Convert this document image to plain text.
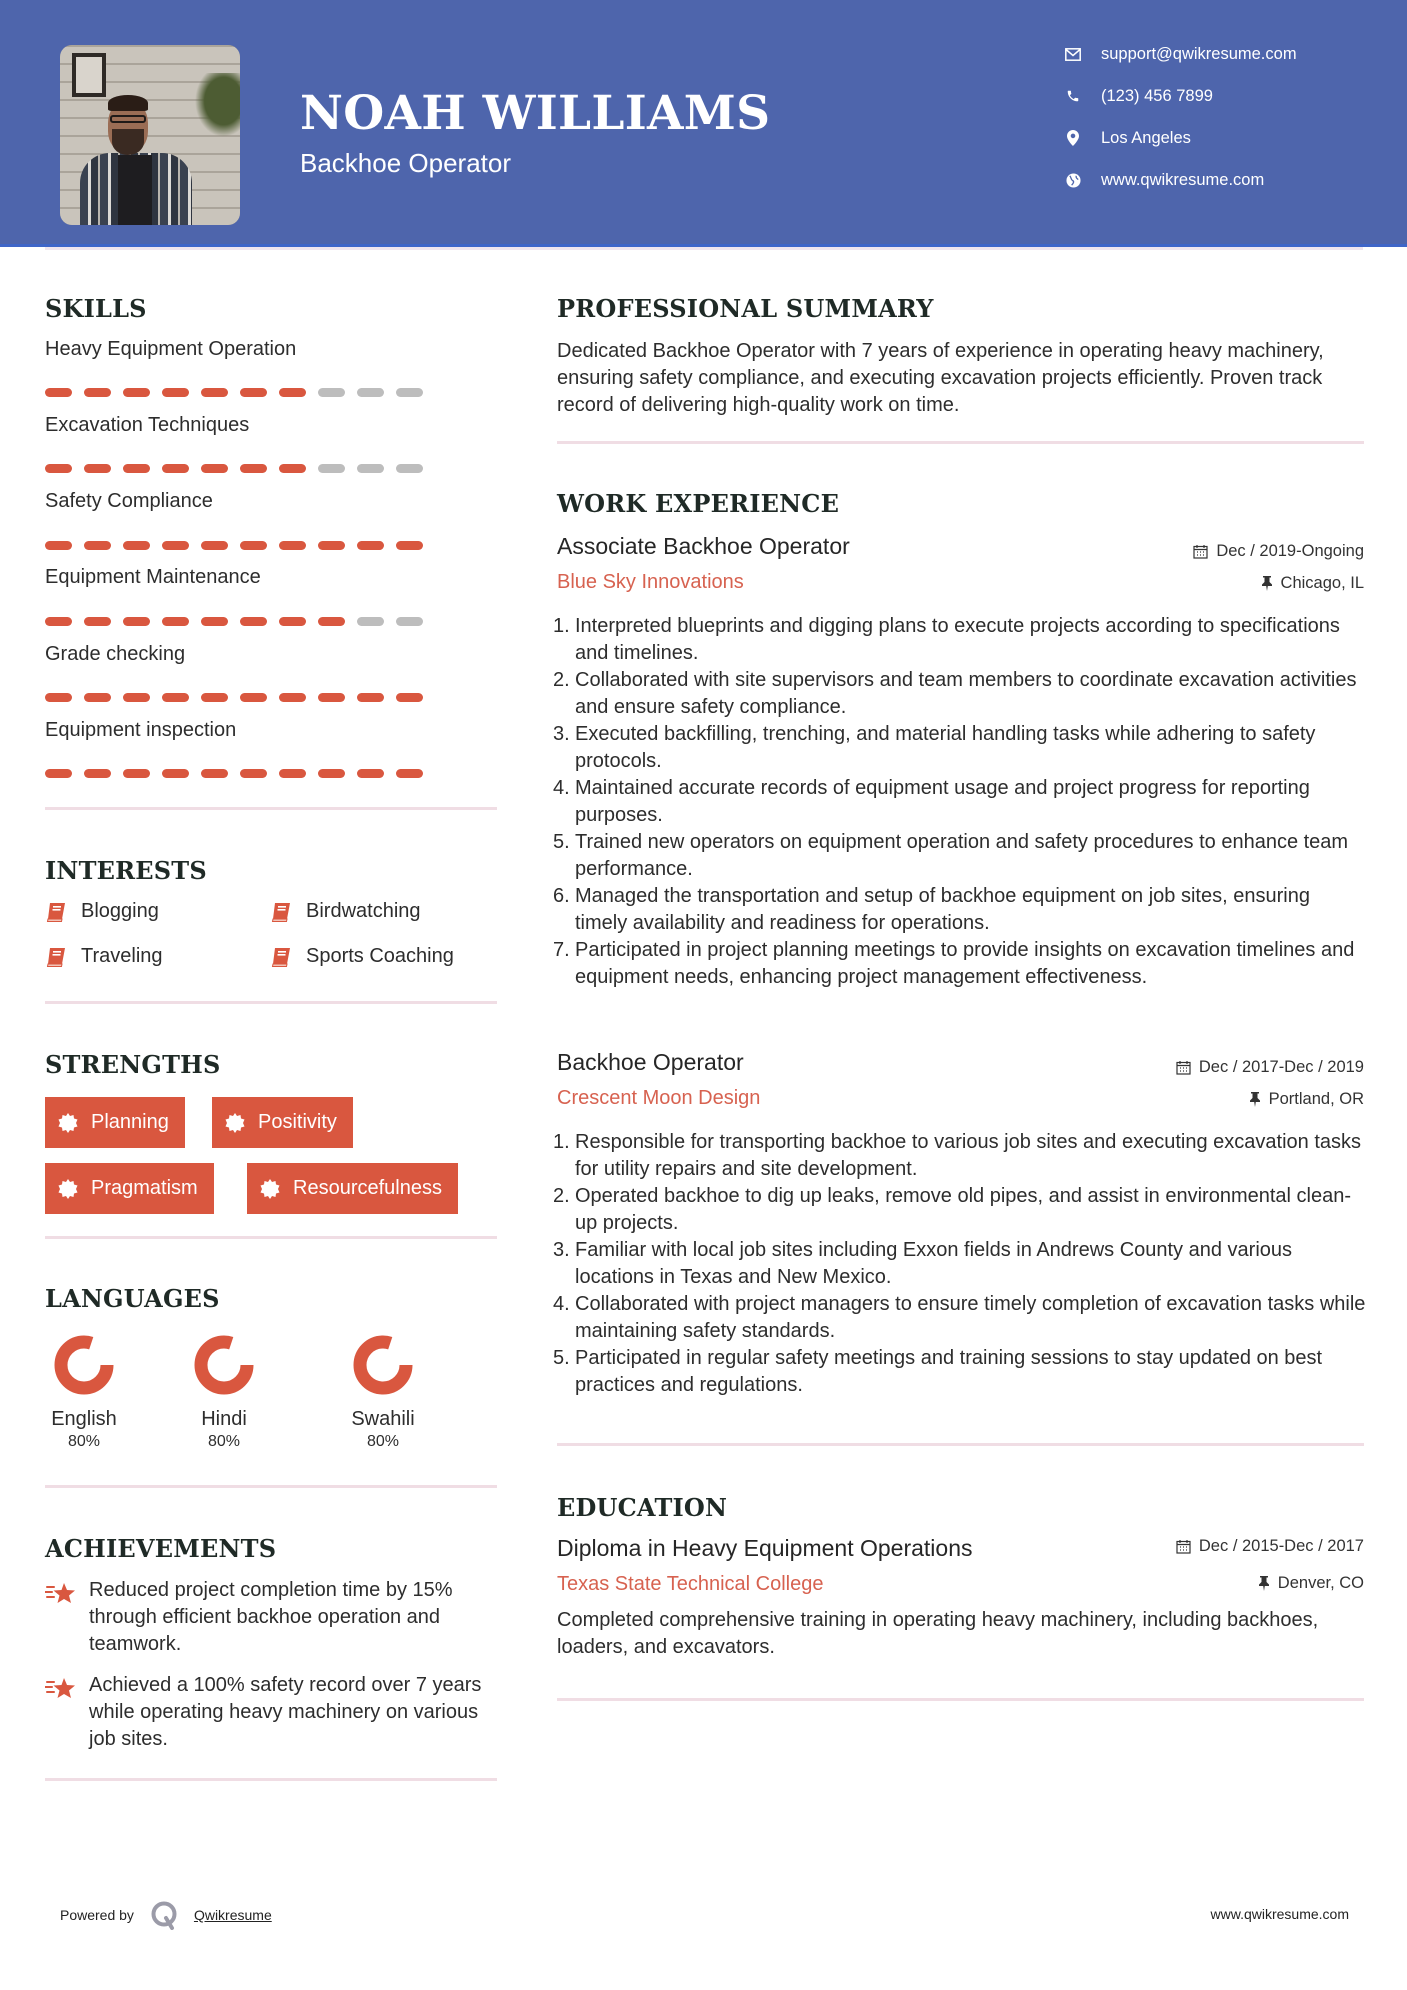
NOAH WILLIAMS
Backhoe Operator
support@qwikresume.com
(123) 456 7899
Los Angeles
www.qwikresume.com
SKILLS
Heavy Equipment Operation
Excavation Techniques
Safety Compliance
Equipment Maintenance
Grade checking
Equipment inspection
INTERESTS
Blogging	Birdwatching
Traveling	Sports Coaching
STRENGTHS
Planning	Positivity
Pragmatism	Resourcefulness
LANGUAGES
English
80%
Hindi
80%
Swahili
80%
ACHIEVEMENTS
Reduced project completion time by 15% through efficient backhoe operation and teamwork.
Achieved a 100% safety record over 7 years while operating heavy machinery on various job sites.
PROFESSIONAL SUMMARY
Dedicated Backhoe Operator with 7 years of experience in operating heavy machinery, ensuring safety compliance, and executing excavation projects efficiently. Proven track record of delivering high-quality work on time.
WORK EXPERIENCE
Associate Backhoe Operator	Dec / 2019-Ongoing
Blue Sky Innovations	Chicago, IL
1. Interpreted blueprints and digging plans to execute projects according to specifications and timelines.
2. Collaborated with site supervisors and team members to coordinate excavation activities and ensure safety compliance.
3. Executed backfilling, trenching, and material handling tasks while adhering to safety protocols.
4. Maintained accurate records of equipment usage and project progress for reporting purposes.
5. Trained new operators on equipment operation and safety procedures to enhance team performance.
6. Managed the transportation and setup of backhoe equipment on job sites, ensuring timely availability and readiness for operations.
7. Participated in project planning meetings to provide insights on excavation timelines and equipment needs, enhancing project management effectiveness.
Backhoe Operator	Dec / 2017-Dec / 2019
Crescent Moon Design	Portland, OR
1. Responsible for transporting backhoe to various job sites and executing excavation tasks for utility repairs and site development.
2. Operated backhoe to dig up leaks, remove old pipes, and assist in environmental clean-up projects.
3. Familiar with local job sites including Exxon fields in Andrews County and various locations in Texas and New Mexico.
4. Collaborated with project managers to ensure timely completion of excavation tasks while maintaining safety standards.
5. Participated in regular safety meetings and training sessions to stay updated on best practices and regulations.
EDUCATION
Diploma in Heavy Equipment Operations	Dec / 2015-Dec / 2017
Texas State Technical College	Denver, CO
Completed comprehensive training in operating heavy machinery, including backhoes, loaders, and excavators.
Powered by	Qwikresume	www.qwikresume.com
